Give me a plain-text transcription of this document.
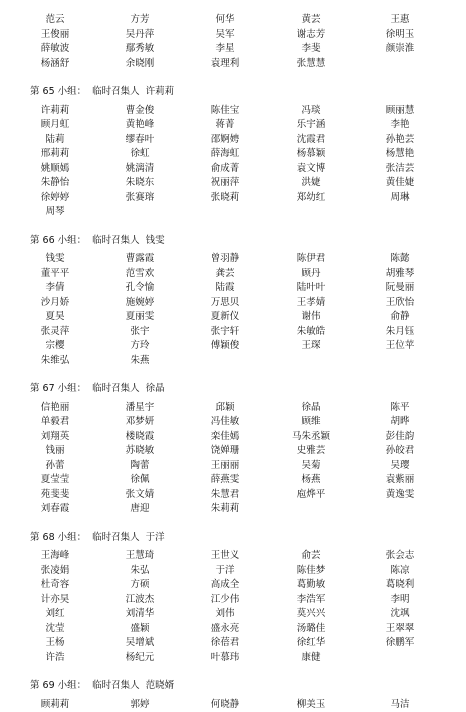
范云	方芳	何华	黄芸	王惠
王俊丽	吴丹萍	吴军	谢志芳	徐明玉
薛敏波	鄢秀敏	李星	李斐	颜崇淮
杨涵舒	余晓刚	袁理利	张慧慧
第 65 小组： 临时召集人 许莉莉
许莉莉	曹金俊	陈佳宝	冯琰	顾丽慧
顾月虹	黄艳峰	蒋菁	乐宇涵	李艳
陆莉	缪春叶	邵婀娉	沈霞君	孙艳芸
邢莉莉	徐虹	薛海虹	杨慕颖	杨慧艳
姚顺嫣	姚漓清	俞成菁	袁文博	张洁芸
朱静怡	朱晓东	祝丽萍	洪婕	黄佳婕
徐婷婷	张赛瑢	张晓莉	郑幼红	周琳
周琴
第 66 小组： 临时召集人 钱雯
钱雯	曹露霞	曾羽静	陈伊君	陈懿
董平平	范雪欢	龚芸	顾丹	胡雅琴
李倩	孔令愉	陆霞	陆叶叶	阮曼丽
沙月娇	施婉婷	万思贝	王孝婧	王欣怡
夏昊	夏丽雯	夏新仪	谢伟	俞静
张灵萍	张宇	张宇轩	朱敏皓	朱月钰
宗樱	方玲	傅颖俊	王琛	王位苹
朱维弘	朱燕
第 67 小组： 临时召集人 徐晶
信艳丽	潘星宇	邱颖	徐晶	陈平
单毅君	邓梦妍	冯佳敏	顾维	胡晔
刘翔英	楼晓霞	栾佳嫣	马朱丞颖	彭佳韵
钱丽	苏晓敏	饶婵珊	史雅芸	孙皎君
孙蕾	陶蕾	王丽丽	吴菊	吴璎
夏莹莹	徐佩	薛燕雯	杨燕	袁紫丽
苑斐斐	张文婧	朱慧君	庖烨平	黄逸雯
刘春霞	唐迎	朱莉莉
第 68 小组： 临时召集人 于洋
王海峰	王慧琦	王世义	俞芸	张会志
张凌娟	朱弘	于洋	陈佳梦	陈凉
杜奇容	方硕	高成全	葛勤敏	葛晓利
计亦昊	江波杰	江少伟	李浩军	李明
刘红	刘清华	刘伟	莫兴兴	沈飒
沈莹	盛颖	盛永亮	汤璐佳	王翠翠
王杨	吴增斌	徐蓓君	徐红华	徐鹏军
许浩	杨纪元	叶慕玮	康健
第 69 小组： 临时召集人 范晓婿
顾莉莉	郭婷	何晓静	柳美玉	马洁
